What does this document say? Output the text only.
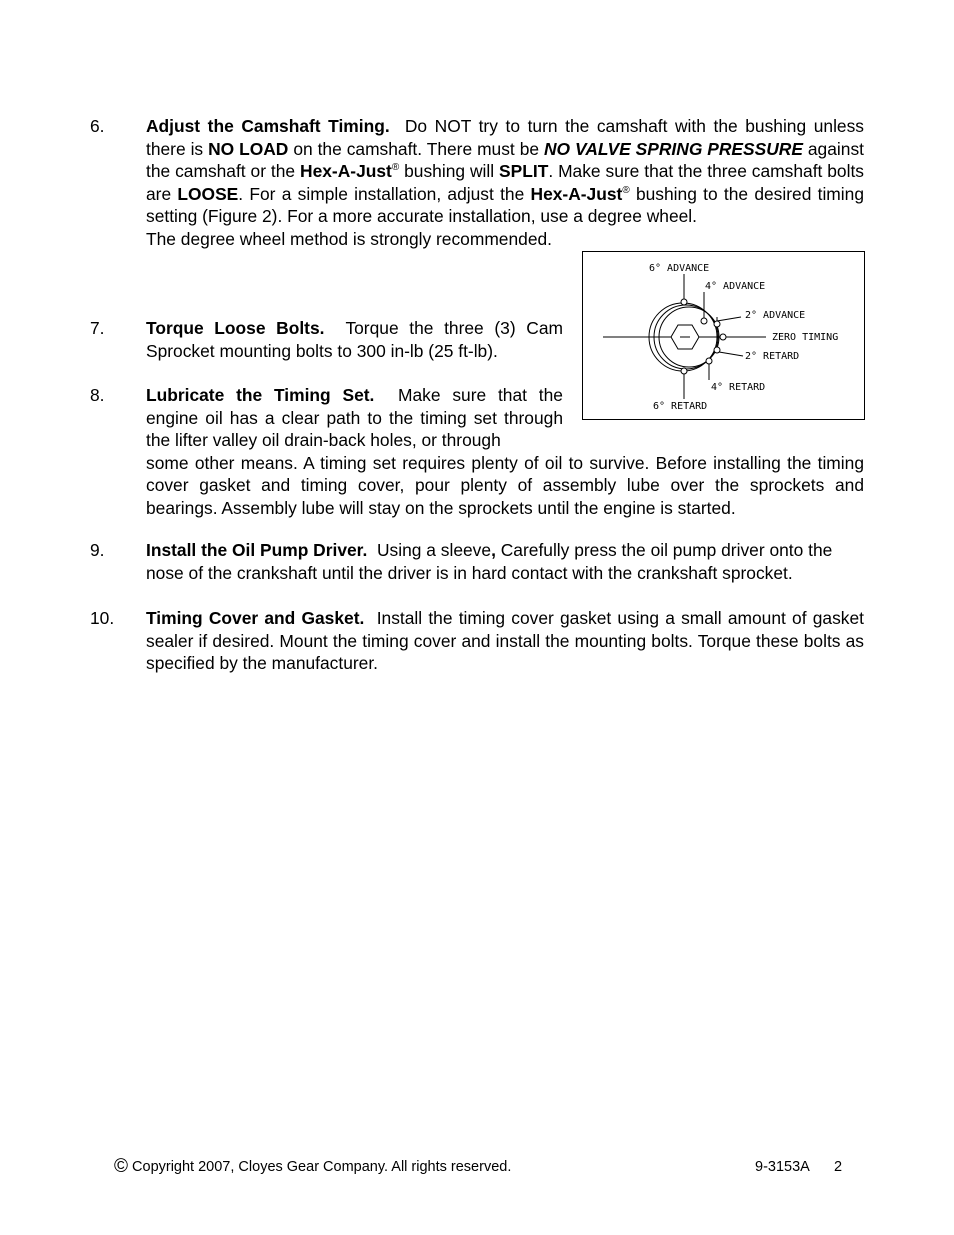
6. Adjust the Camshaft Timing. Do NOT try to turn the camshaft with the bushing unless there is NO LOAD on the camshaft. There must be NO VALVE SPRING PRESSURE against the camshaft or the Hex-A-Just® bushing will SPLIT. Make sure that the three camshaft bolts are LOOSE. For a simple installation, adjust the Hex-A-Just® bushing to the desired timing setting (Figure 2). For a more accurate installation, use a degree wheel.
The degree wheel method is strongly recommended.
6° ADVANCE
4° ADVANCE
2° ADVANCE
ZERO TIMING
2° RETARD
4° RETARD
6° RETARD
7. Torque Loose Bolts. Torque the three (3) Cam Sprocket mounting bolts to 300 in-lb (25 ft-lb).
8. Lubricate the Timing Set. Make sure that the engine oil has a clear path to the timing set through the lifter valley oil drain-back holes, or through
some other means. A timing set requires plenty of oil to survive. Before installing the timing cover gasket and timing cover, pour plenty of assembly lube over the sprockets and bearings. Assembly lube will stay on the sprockets until the engine is started.
9. Install the Oil Pump Driver. Using a sleeve, Carefully press the oil pump driver onto the nose of the crankshaft until the driver is in hard contact with the crankshaft sprocket.
10. Timing Cover and Gasket. Install the timing cover gasket using a small amount of gasket sealer if desired. Mount the timing cover and install the mounting bolts. Torque these bolts as specified by the manufacturer.
© Copyright 2007, Cloyes Gear Company. All rights reserved.	9-3153A 2
